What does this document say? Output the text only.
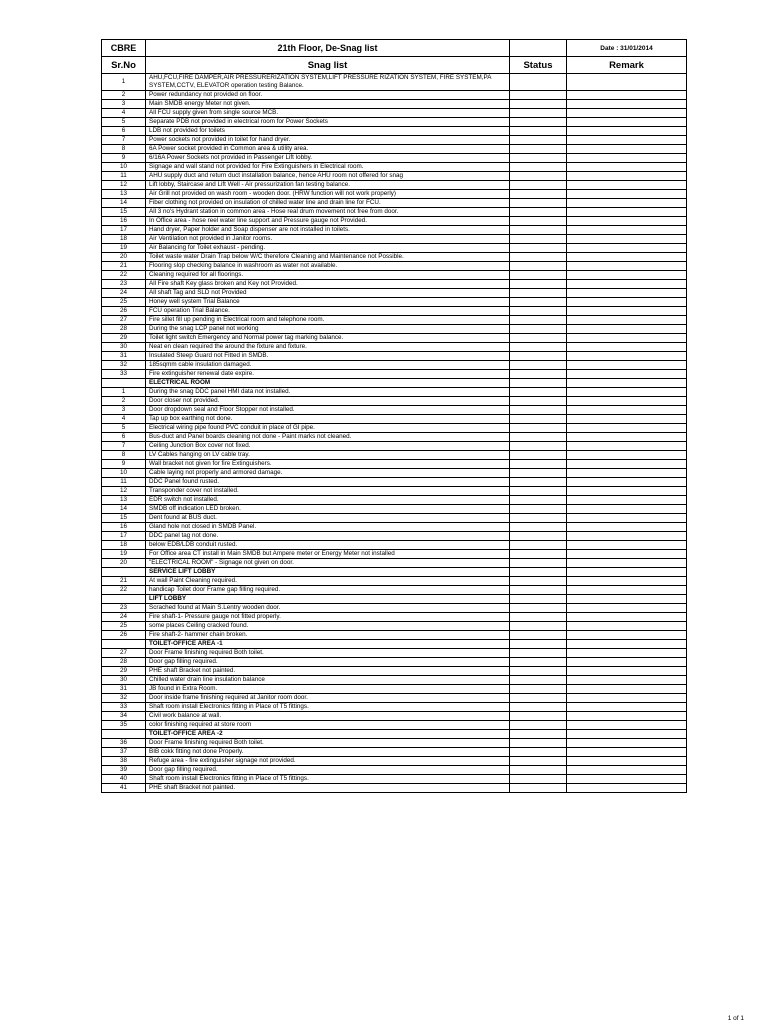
CBRE	21th Floor, De-Snag list		Date : 31/01/2014
Sr.No	Snag list	Status	Remark
1	AHU,FCU,FIRE DAMPER,AIR PRESSURERIZATION SYSTEM,LIFT PRESSURE RIZATION SYSTEM, FIRE SYSTEM,PA SYSTEM,CCTV, ELEVATOR operation testing Balance.		
2	Power redundancy not provided on floor.		
3	Main SMDB energy Meter not given.		
4	All FCU supply given from single source MCB.		
5	Separate PDB not provided in electrical room for Power Sockets		
6	LDB not provided for toilets		
7	Power sockets not provided in toilet for hand dryer.		
8	6A Power socket provided in Common area & utility area.		
9	6/16A Power Sockets not provided in Passenger Lift lobby.		
10	Signage and wall stand not provided for Fire Extinguishers in Electrical room.		
11	AHU supply duct and return duct installation balance, hence AHU room not offered for snag		
12	Lift lobby, Staircase and Lift Well - Air pressurization fan testing balance.		
13	Air Grill not provided on wash room - wooden door. (HRW function will not work properly)		
14	Fiber clothing not provided on insulation of chilled water line and drain line for FCU.		
15	All 3 no's Hydrant station in common area - Hose real drum movement not free from door.		
16	In Office area - hose reel water line support and Pressure gauge not Provided.		
17	Hand dryer, Paper holder and Soap dispenser are not installed in toilets.		
18	Air Ventilation not provided in Janitor rooms.		
19	Air Balancing for Toilet exhaust - pending.		
20	Toilet waste water Drain Trap below W/C therefore Cleaning and Maintenance not Possible.		
21	Flooring slop checking balance in washroom as water not available.		
22	Cleaning required for all floorings.		
23	All Fire shaft Key glass broken and Key not Provided.		
24	All shaft Tag and SLD not Provided		
25	Honey well system Trial Balance		
26	FCU operation Trial Balance.		
27	Fire sillet fill up pending in Electrical room and telephone room.		
28	During the snag LCP panel not working		
29	Toilet light switch Emergency and Normal power tag marking balance.		
30	Neat en clean required the around the fixture and fixture.		
31	Insulated Steep Guard not Fitted in SMDB.		
32	185sqmm cable insulation damaged.		
33	Fire extinguisher renewal date expire.		
	ELECTRICAL ROOM		
1	During the snag DDC panel HMI data not installed.		
2	Door closer not provided.		
3	Door dropdown seal and Floor Stopper not installed.		
4	Tap up box earthing not done.		
5	Electrical wiring pipe found PVC conduit in place of GI pipe.		
6	Bus-duct and Panel boards cleaning not done - Paint marks not cleaned.		
7	Ceiling Junction Box cover not fixed.		
8	LV Cables hanging on LV cable tray.		
9	Wall bracket not given for fire Extinguishers.		
10	Cable laying not properly and armored damage.		
11	DDC Panel found rusted.		
12	Transponder cover not installed.		
13	EDR switch not installed.		
14	SMDB off indication LED broken.		
15	Dent found at BUS duct.		
16	Gland hole not closed in SMDB Panel.		
17	DDC panel tag not done.		
18	below EDB/LDB conduit rusted.		
19	For Office area CT install in Main SMDB but Ampere meter or Energy Meter not installed		
20	"ELECTRICAL ROOM" - Signage not given on door.		
	SERVICE LIFT LOBBY		
21	At wall Paint Cleaning required.		
22	handicap Toilet door Frame gap filling required.		
	LIFT LOBBY		
23	Scrached found at Main S.Lentry wooden door.		
24	Fire shaft-1- Pressure gauge not fitted properly.		
25	some places Ceiling cracked found.		
26	Fire shaft-2- hammer chain broken.		
	TOILET-OFFICE AREA -1		
27	Door Frame finishing required Both toilet.		
28	Door gap filling required.		
29	PHE shaft Bracket not painted.		
30	Chilled water drain line insulation balance		
31	JB found in Extra Room.		
32	Door inside frame finishing required at Janitor room door.		
33	Shaft room install Electronics fitting in Place of T5 fittings.		
34	Civil work balance at wall.		
35	color finishing required at store room		
	TOILET-OFFICE AREA -2		
36	Door Frame finishing required Both toilet.		
37	BIB cokk fitting not done Properly.		
38	Refuge area - fire extinguisher signage not provided.		
39	Door gap filling required.		
40	Shaft room install Electronics fitting in Place of T5 fittings.		
41	PHE shaft Bracket not painted.		
1 of 1
